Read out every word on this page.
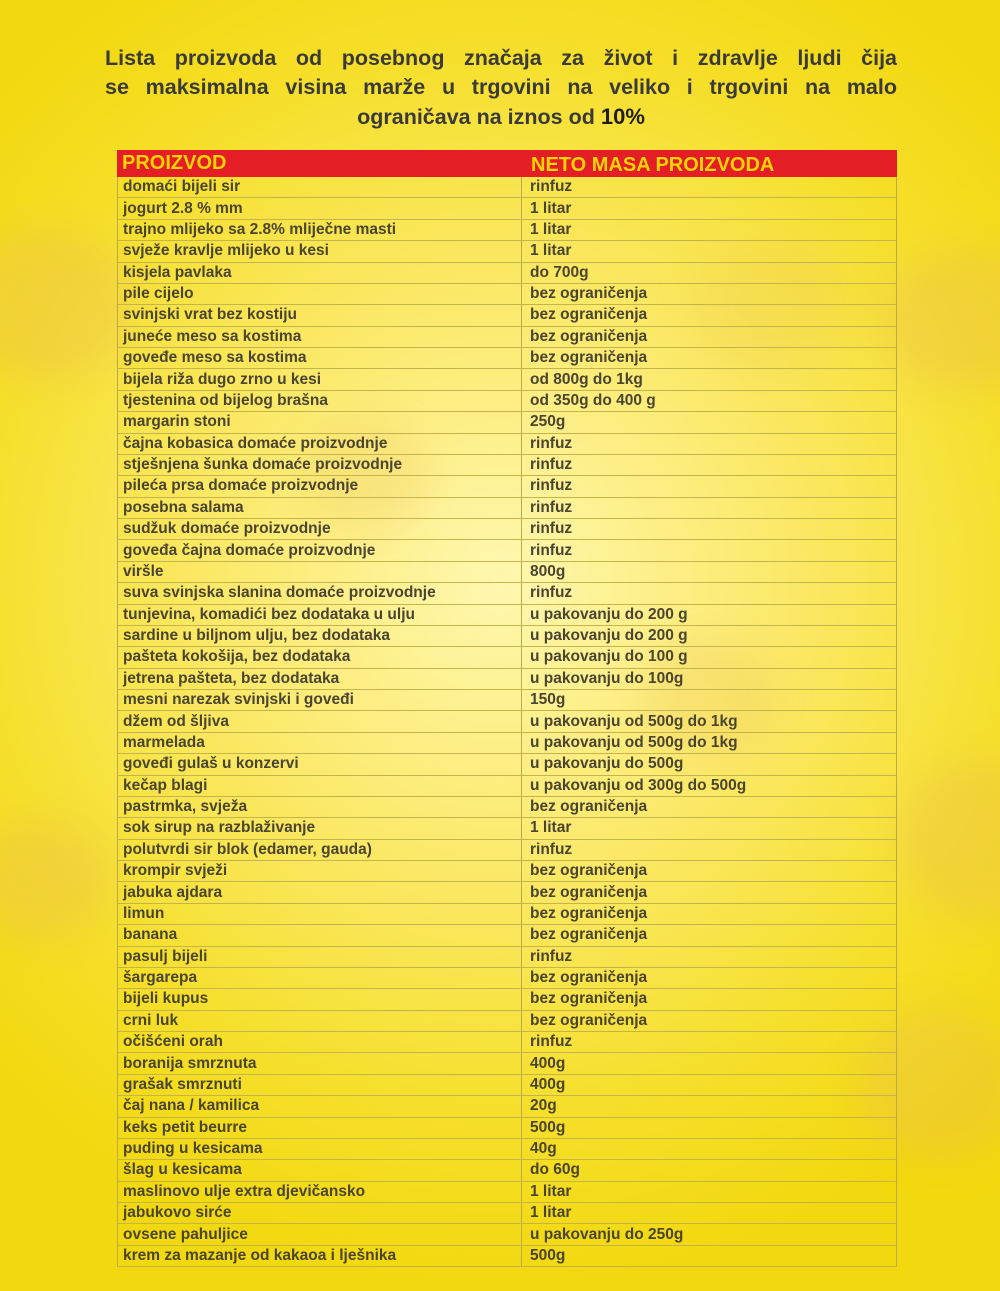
Lista proizvoda od posebnog značaja za život i zdravlje ljudi čija
se maksimalna visina marže u trgovini na veliko i trgovini na malo
ograničava na iznos od 10%
PROIZVOD	NETO MASA PROIZVODA
domaći bijeli sir	rinfuz
jogurt 2.8 % mm	1 litar
trajno mlijeko sa 2.8% mliječne masti	1 litar
svježe kravlje mlijeko u kesi	1 litar
kisjela pavlaka	do 700g
pile cijelo	bez ograničenja
svinjski vrat bez kostiju	bez ograničenja
juneće meso sa kostima	bez ograničenja
goveđe meso sa kostima	bez ograničenja
bijela riža dugo zrno u kesi	od 800g do 1kg
tjestenina od bijelog brašna	od 350g do 400 g
margarin stoni	250g
čajna kobasica domaće proizvodnje	rinfuz
stješnjena šunka domaće proizvodnje	rinfuz
pileća prsa domaće proizvodnje	rinfuz
posebna salama	rinfuz
sudžuk domaće proizvodnje	rinfuz
goveđa čajna domaće proizvodnje	rinfuz
viršle	800g
suva svinjska slanina domaće proizvodnje	rinfuz
tunjevina, komadići bez dodataka u ulju	u pakovanju do 200 g
sardine u biljnom ulju, bez dodataka	u pakovanju do 200 g
pašteta kokošija, bez dodataka	u pakovanju do 100 g
jetrena pašteta, bez dodataka	u pakovanju do 100g
mesni narezak svinjski i goveđi	150g
džem od šljiva	u pakovanju od 500g do 1kg
marmelada	u pakovanju od 500g do 1kg
goveđi gulaš u konzervi	u pakovanju do 500g
kečap blagi	u pakovanju od 300g do 500g
pastrmka, svježa	bez ograničenja
sok sirup na razblaživanje	1 litar
polutvrdi sir blok (edamer, gauda)	rinfuz
krompir svježi	bez ograničenja
jabuka ajdara	bez ograničenja
limun	bez ograničenja
banana	bez ograničenja
pasulj bijeli	rinfuz
šargarepa	bez ograničenja
bijeli kupus	bez ograničenja
crni luk	bez ograničenja
očišćeni orah	rinfuz
boranija smrznuta	400g
grašak smrznuti	400g
čaj nana / kamilica	20g
keks petit beurre	500g
puding u kesicama	40g
šlag u kesicama	do 60g
maslinovo ulje extra djevičansko	1 litar
jabukovo sirće	1 litar
ovsene pahuljice	u pakovanju do 250g
krem za mazanje od kakaoa i lješnika	500g
